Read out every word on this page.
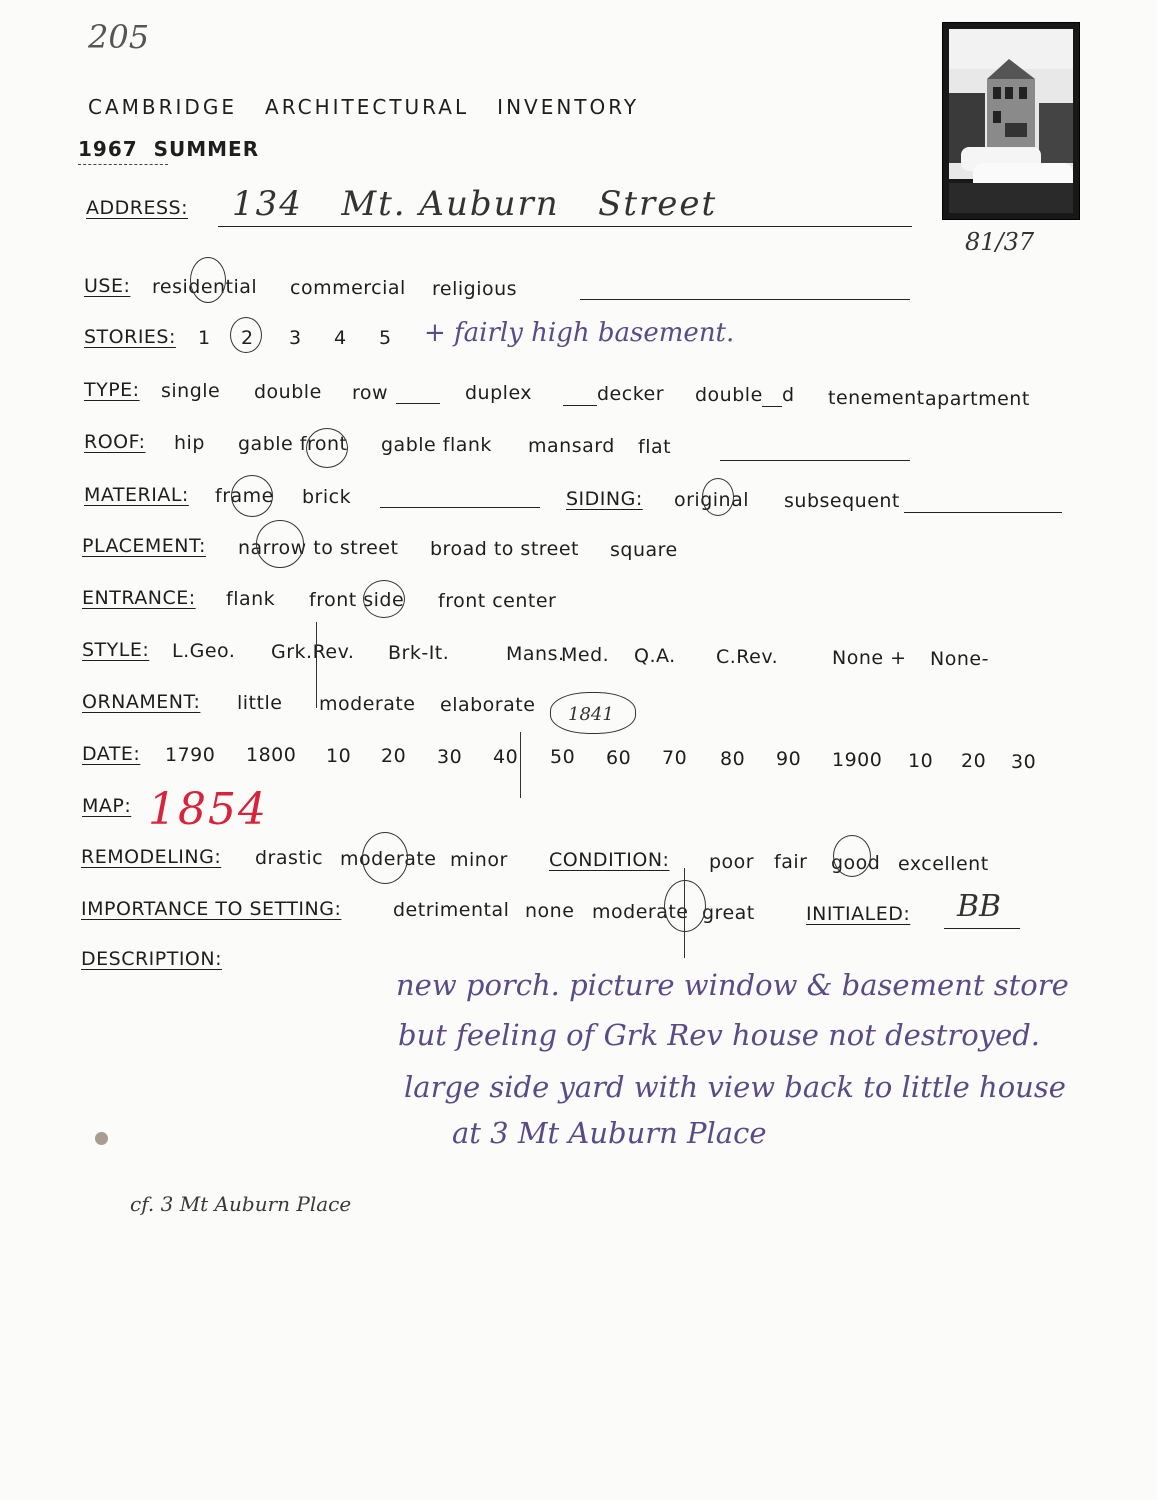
205
CAMBRIDGE   ARCHITECTURAL   INVENTORY
1967 SUMMER
81/37
ADDRESS: 134   Mt. Auburn   Street
USE: residential commercial religious
STORIES: 1 2 3 4 5 + fairly high basement.
TYPE: single double row	duplex	decker double d tenement apartment
ROOF: hip gable front gable flank mansard flat
MATERIAL: frame brick	SIDING: original subsequent
PLACEMENT: narrow to street broad to street square
ENTRANCE: flank front side front center
STYLE: L.Geo. Grk.Rev. Brk-It.	Mans.
Med. Q.A. C.Rev.	None + None-
ORNAMENT: little moderate elaborate 1841
DATE: 1790 1800 10 20 30 40 50 60 70 80 90 1900 10 20 30
MAP: 1854
REMODELING: drastic moderate minor CONDITION: poor fair good excellent
IMPORTANCE TO SETTING:	detrimental none moderate great	INITIALED: BB
DESCRIPTION:
new porch. picture window & basement store
but feeling of Grk Rev house not destroyed.
large side yard with view back to little house
at 3 Mt Auburn Place
cf. 3 Mt Auburn Place
